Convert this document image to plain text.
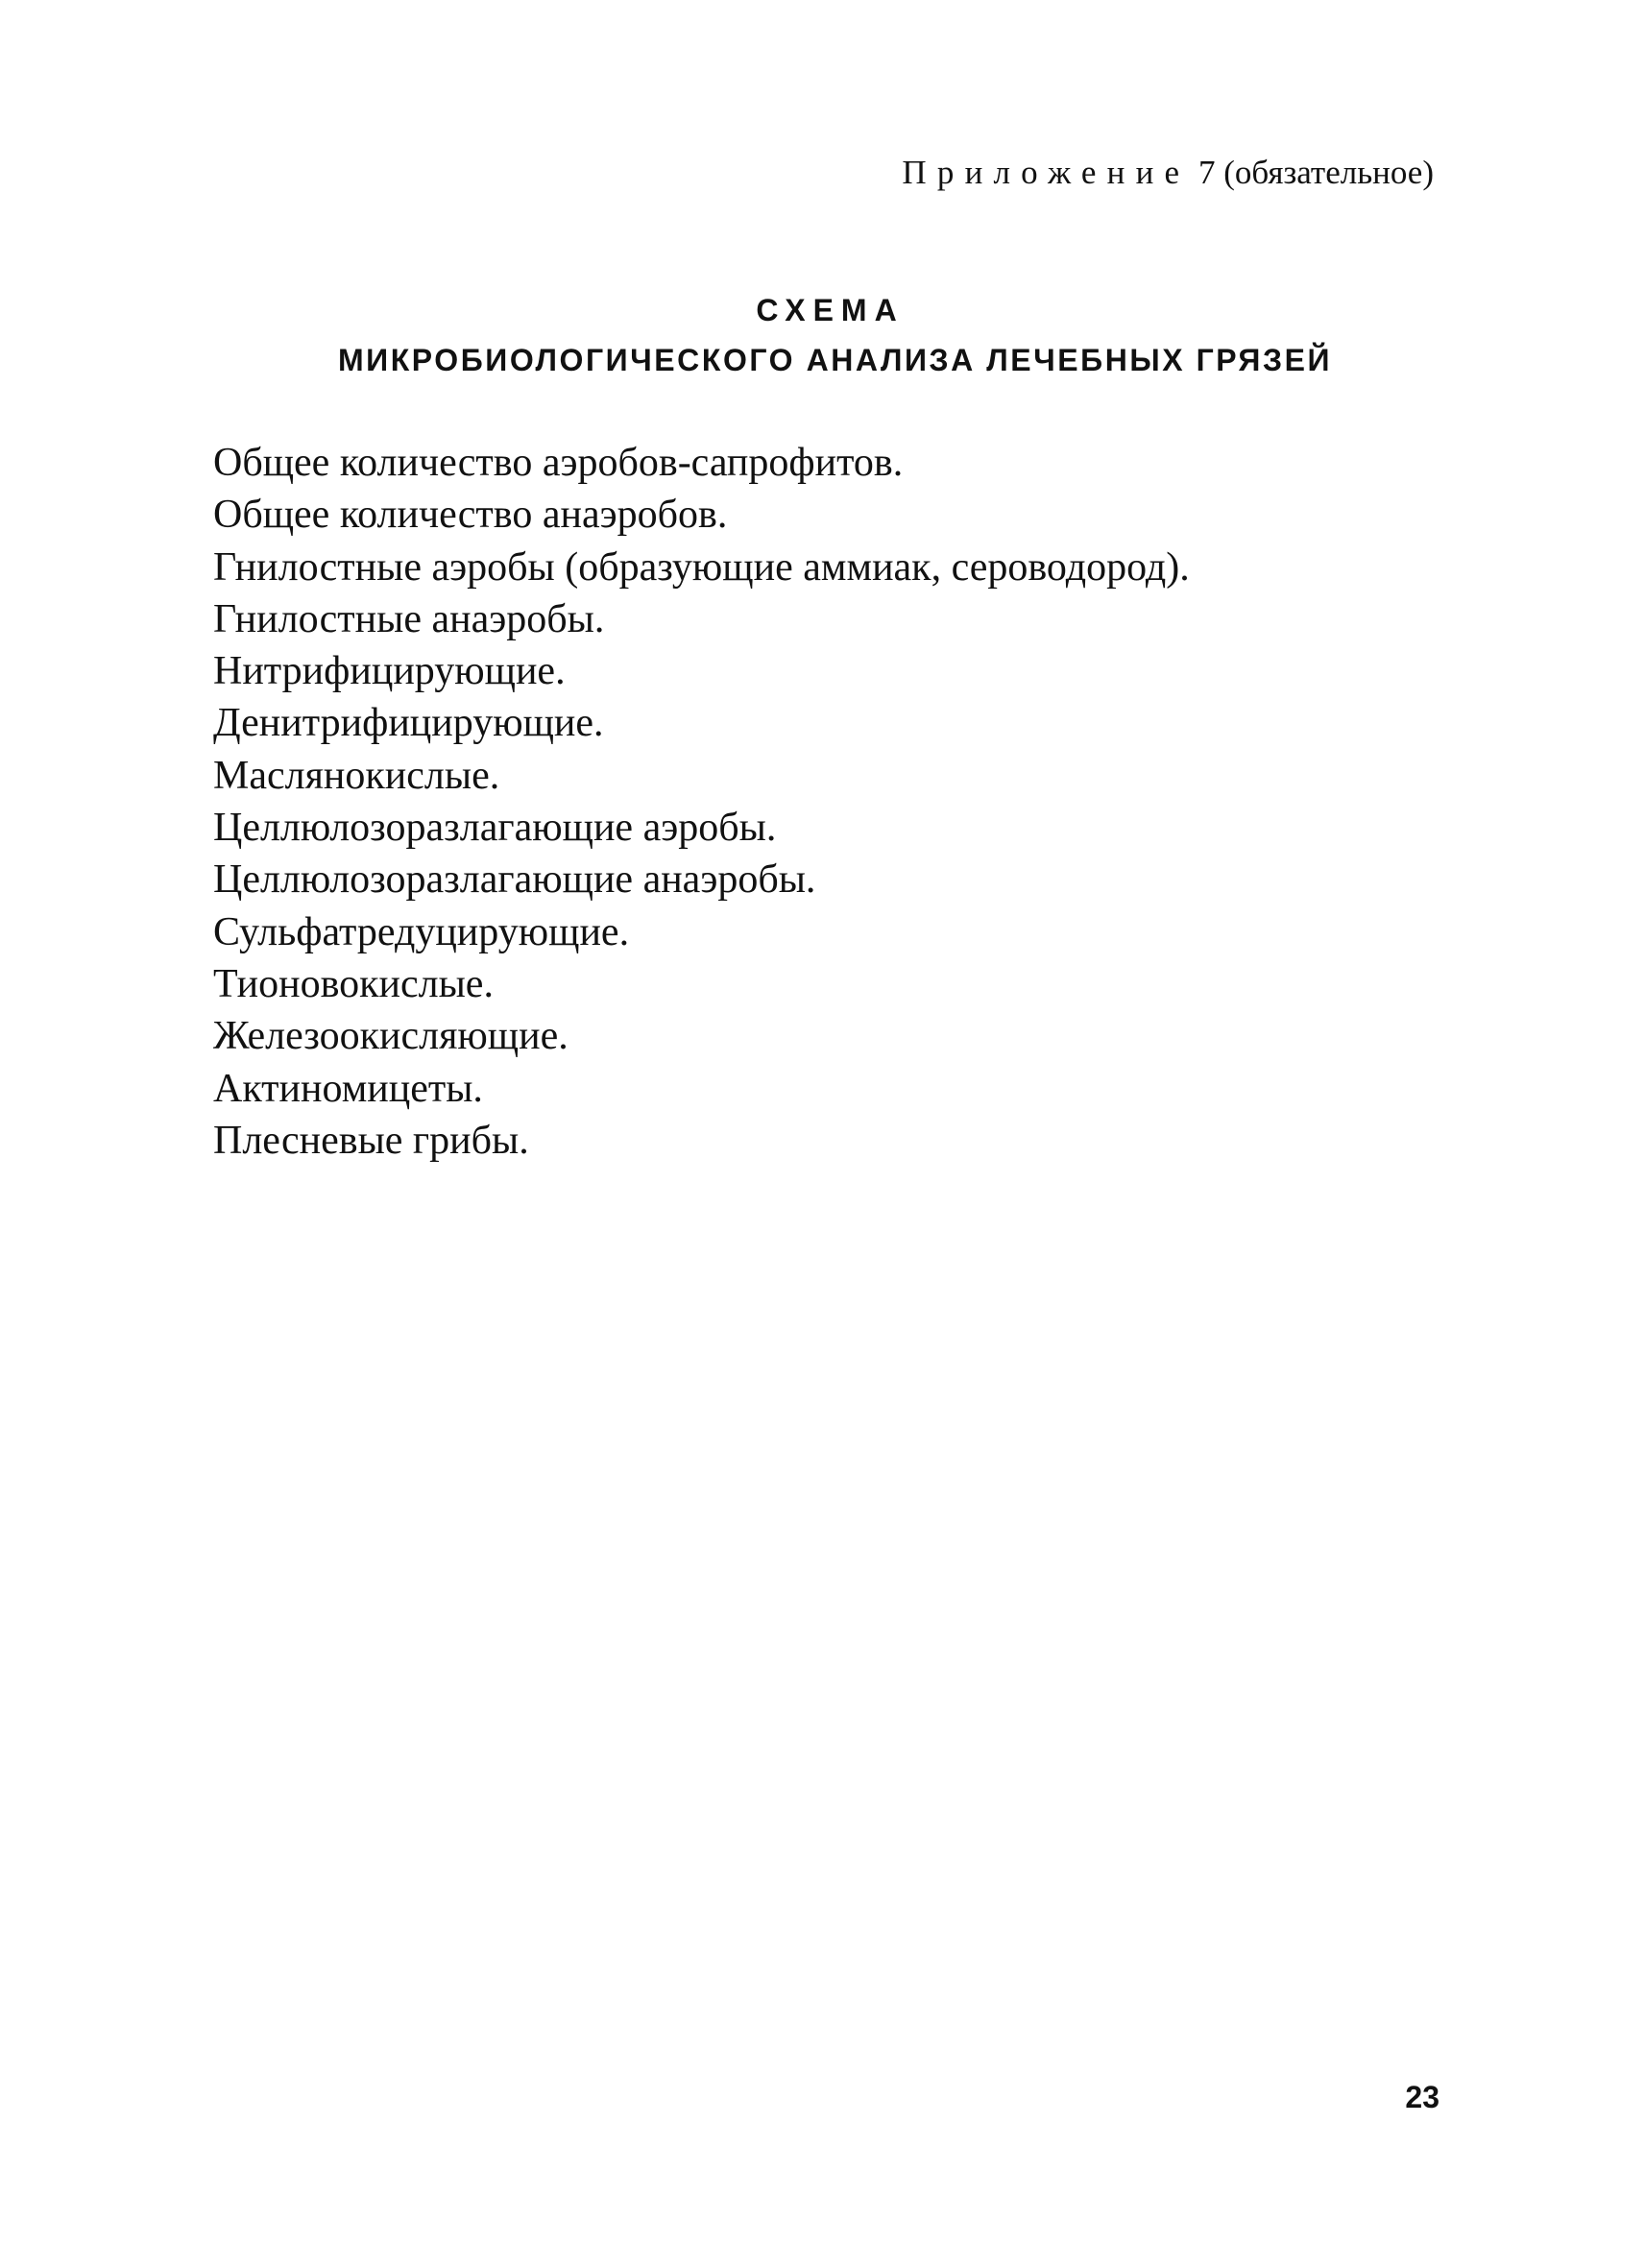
Приложение 7 (обязательное)
СХЕМА
МИКРОБИОЛОГИЧЕСКОГО АНАЛИЗА ЛЕЧЕБНЫХ ГРЯЗЕЙ
Общее количество аэробов-сапрофитов.
Общее количество анаэробов.
Гнилостные аэробы (образующие аммиак, сероводород).
Гнилостные анаэробы.
Нитрифицирующие.
Денитрифицирующие.
Маслянокислые.
Целлюлозоразлагающие аэробы.
Целлюлозоразлагающие анаэробы.
Сульфатредуцирующие.
Тионовокислые.
Железоокисляющие.
Актиномицеты.
Плесневые грибы.
23
